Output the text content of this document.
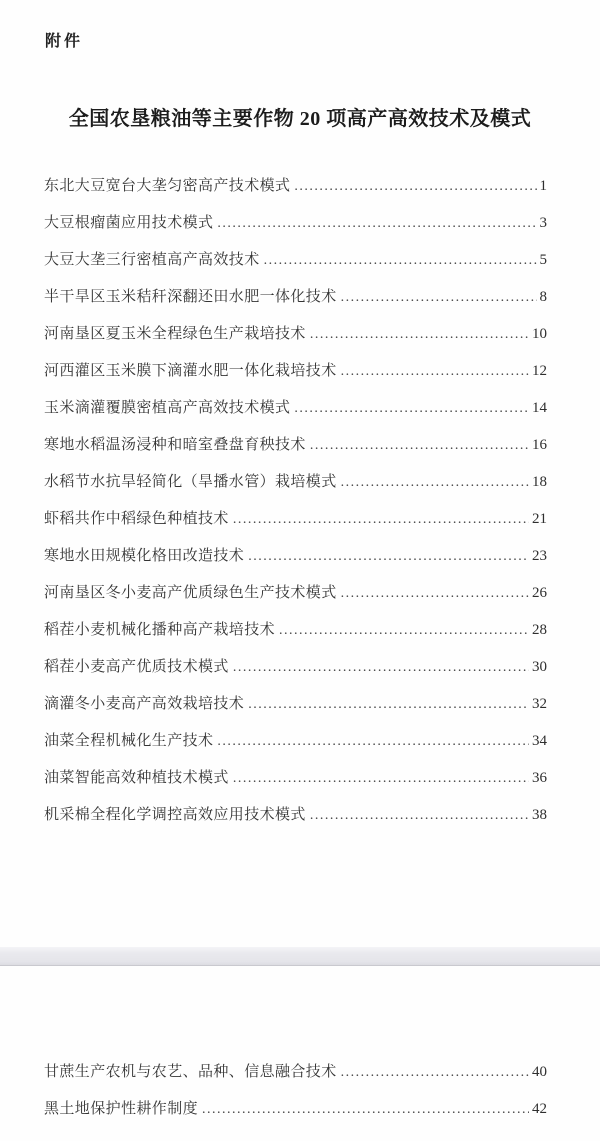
附件
全国农垦粮油等主要作物 20 项高产高效技术及模式
东北大豆宽台大垄匀密高产技术模式 . . .	1
大豆根瘤菌应用技术模式 . . .	3
大豆大垄三行密植高产高效技术 . . .	5
半干旱区玉米秸秆深翻还田水肥一体化技术 . . .	8
河南垦区夏玉米全程绿色生产栽培技术 . . .	10
河西灌区玉米膜下滴灌水肥一体化栽培技术 . . .	12
玉米滴灌覆膜密植高产高效技术模式 . . .	14
寒地水稻温汤浸种和暗室叠盘育秧技术 . . .	16
水稻节水抗旱轻简化（旱播水管）栽培模式 . . .	18
虾稻共作中稻绿色种植技术 . . .	21
寒地水田规模化格田改造技术 . . .	23
河南垦区冬小麦高产优质绿色生产技术模式 . . .	26
稻茬小麦机械化播种高产栽培技术 . . .	28
稻茬小麦高产优质技术模式 . . .	30
滴灌冬小麦高产高效栽培技术 . . .	32
油菜全程机械化生产技术 . . .	34
油菜智能高效种植技术模式 . . .	36
机采棉全程化学调控高效应用技术模式 . . .	38
甘蔗生产农机与农艺、品种、信息融合技术 . . .	40
黑土地保护性耕作制度 . . .	42
